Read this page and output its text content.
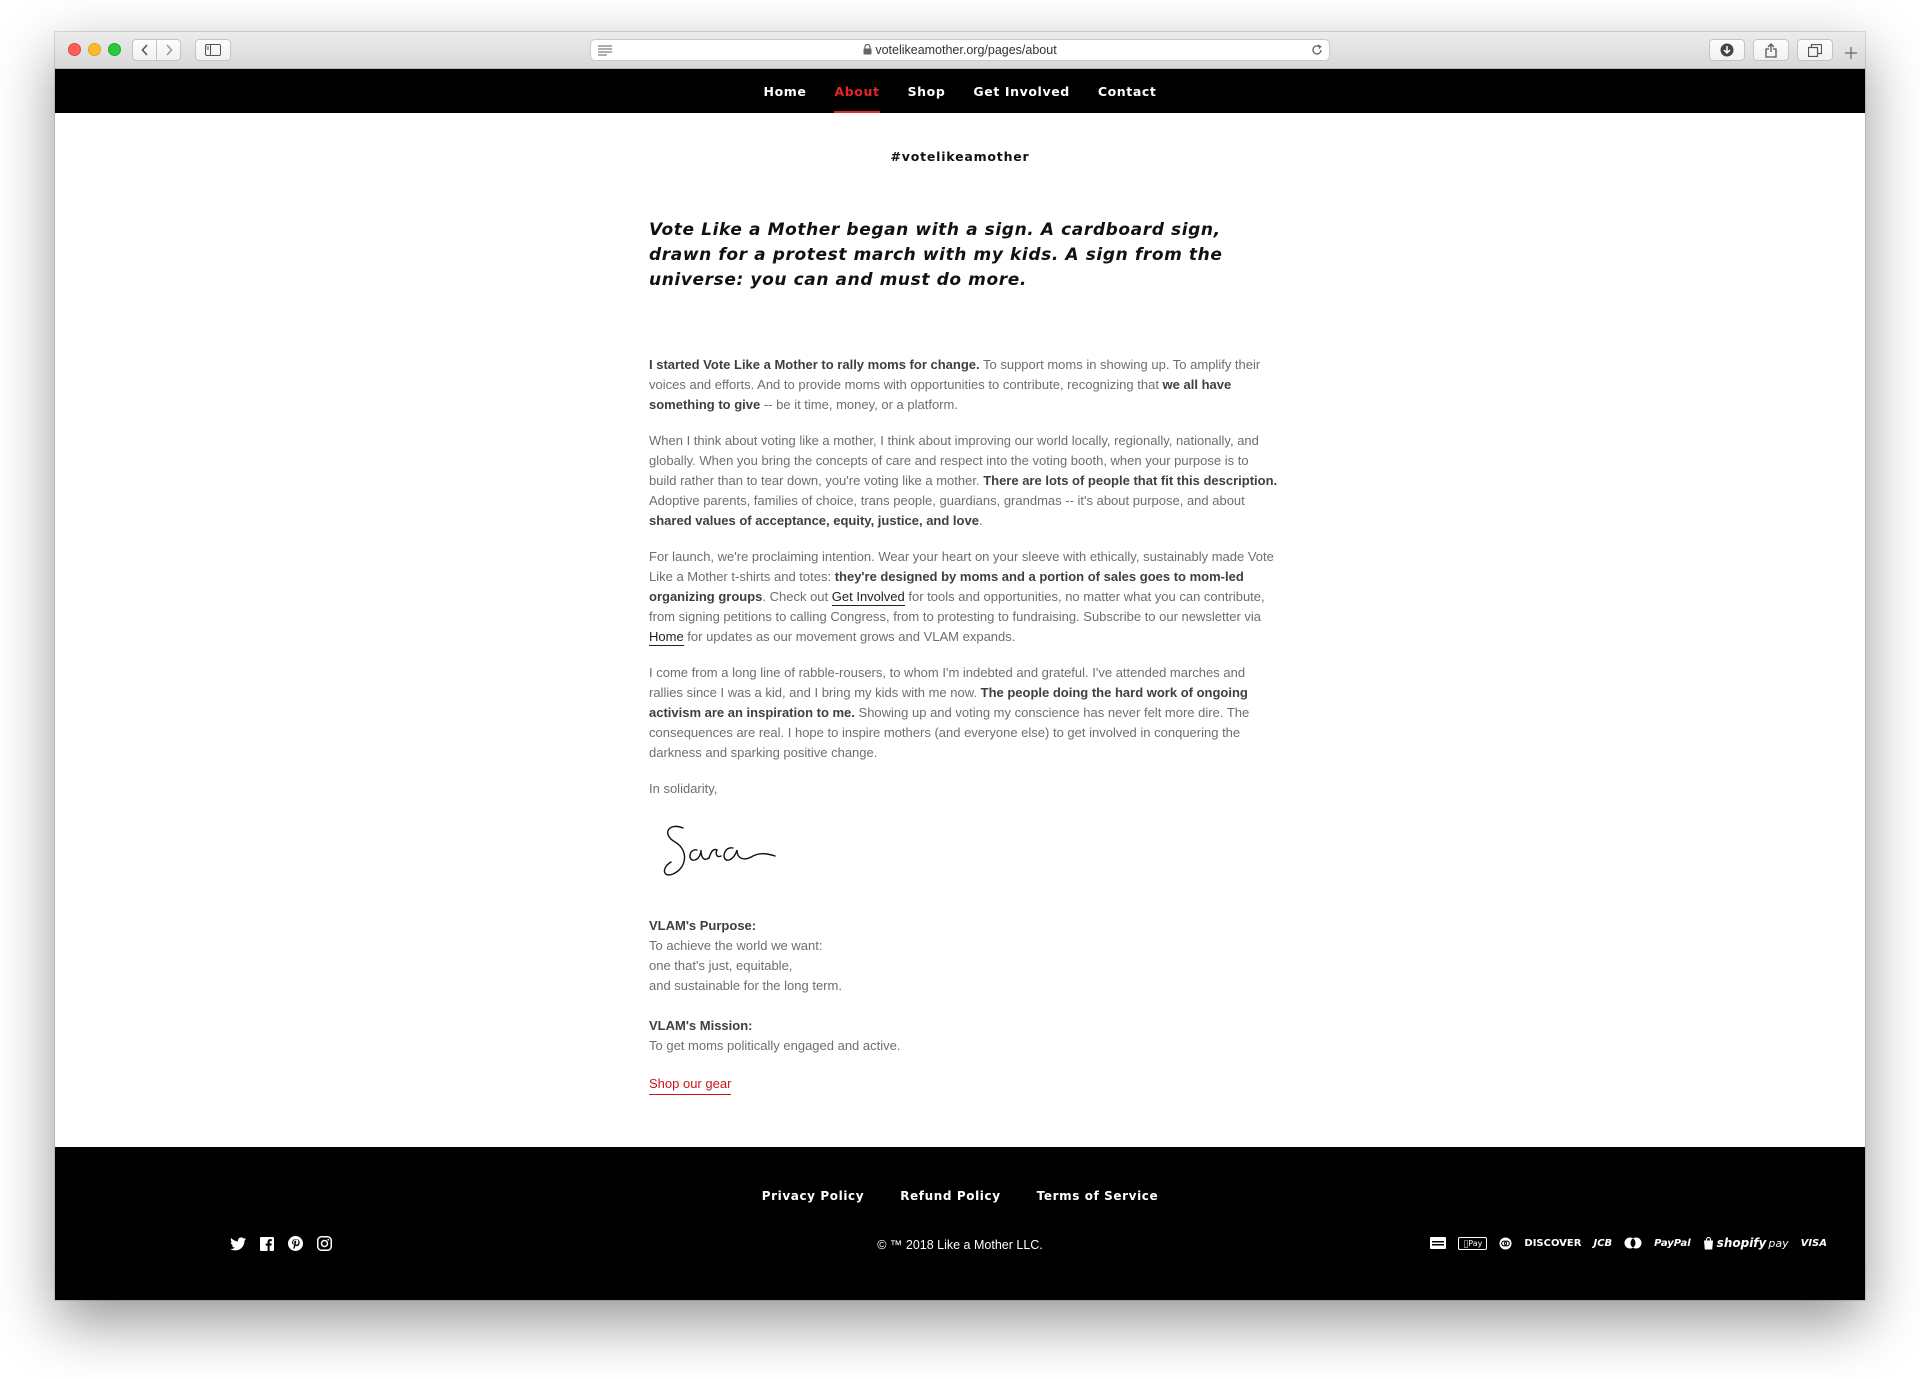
votelikeamother.org/pages/about
Home	About	Shop	Get Involved	Contact
#votelikeamother

Vote Like a Mother began with a sign. A cardboard sign, drawn for a protest march with my kids. A sign from the universe: you can and must do more.

I started Vote Like a Mother to rally moms for change. To support moms in showing up. To amplify their voices and efforts. And to provide moms with opportunities to contribute, recognizing that we all have something to give -- be it time, money, or a platform.

When I think about voting like a mother, I think about improving our world locally, regionally, nationally, and globally. When you bring the concepts of care and respect into the voting booth, when your purpose is to build rather than to tear down, you're voting like a mother. There are lots of people that fit this description. Adoptive parents, families of choice, trans people, guardians, grandmas -- it's about purpose, and about shared values of acceptance, equity, justice, and love.

For launch, we're proclaiming intention. Wear your heart on your sleeve with ethically, sustainably made Vote Like a Mother t-shirts and totes: they're designed by moms and a portion of sales goes to mom-led organizing groups. Check out Get Involved for tools and opportunities, no matter what you can contribute, from signing petitions to calling Congress, from to protesting to fundraising. Subscribe to our newsletter via Home for updates as our movement grows and VLAM expands.

I come from a long line of rabble-rousers, to whom I'm indebted and grateful. I've attended marches and rallies since I was a kid, and I bring my kids with me now. The people doing the hard work of ongoing activism are an inspiration to me. Showing up and voting my conscience has never felt more dire. The consequences are real. I hope to inspire mothers (and everyone else) to get involved in conquering the darkness and sparking positive change.

In solidarity,

VLAM's Purpose:
To achieve the world we want:
one that's just, equitable,
and sustainable for the long term.
VLAM's Mission:
To get moms politically engaged and active.
Shop our gear
Privacy Policy	Refund Policy	Terms of Service
© ™ 2018 Like a Mother LLC.	Pay	DISCOVER JCB	PayPal shopify pay VISA
